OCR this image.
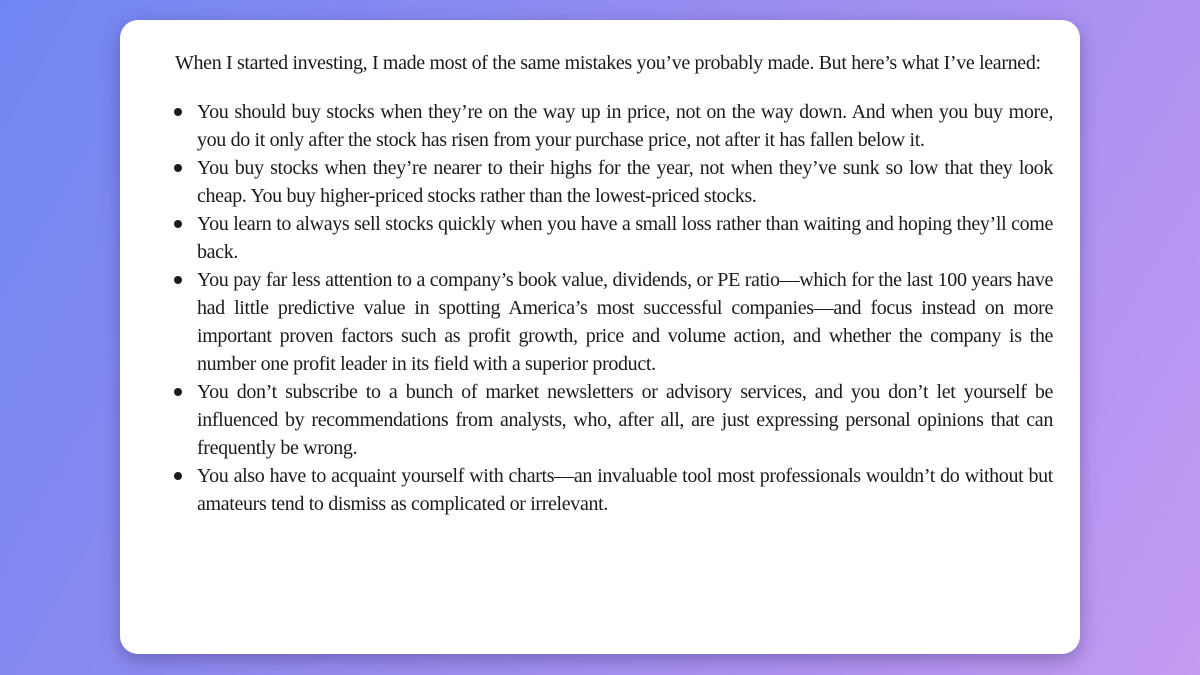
When I started investing, I made most of the same mistakes you’ve probably made. But here’s what I’ve learned:

You should buy stocks when they’re on the way up in price, not on the way down. And when you buy more, you do it only after the stock has risen from your purchase price, not after it has fallen below it.
You buy stocks when they’re nearer to their highs for the year, not when they’ve sunk so low that they look cheap. You buy higher-priced stocks rather than the lowest-priced stocks.
You learn to always sell stocks quickly when you have a small loss rather than waiting and hoping they’ll come back.
You pay far less attention to a company’s book value, dividends, or PE ratio—which for the last 100 years have had little predictive value in spotting America’s most successful companies—and focus instead on more important proven factors such as profit growth, price and volume action, and whether the company is the number one profit leader in its field with a superior product.
You don’t subscribe to a bunch of market newsletters or advisory services, and you don’t let yourself be influenced by recommendations from analysts, who, after all, are just expressing personal opinions that can frequently be wrong.
You also have to acquaint yourself with charts—an invaluable tool most professionals wouldn’t do without but amateurs tend to dismiss as complicated or irrelevant.
